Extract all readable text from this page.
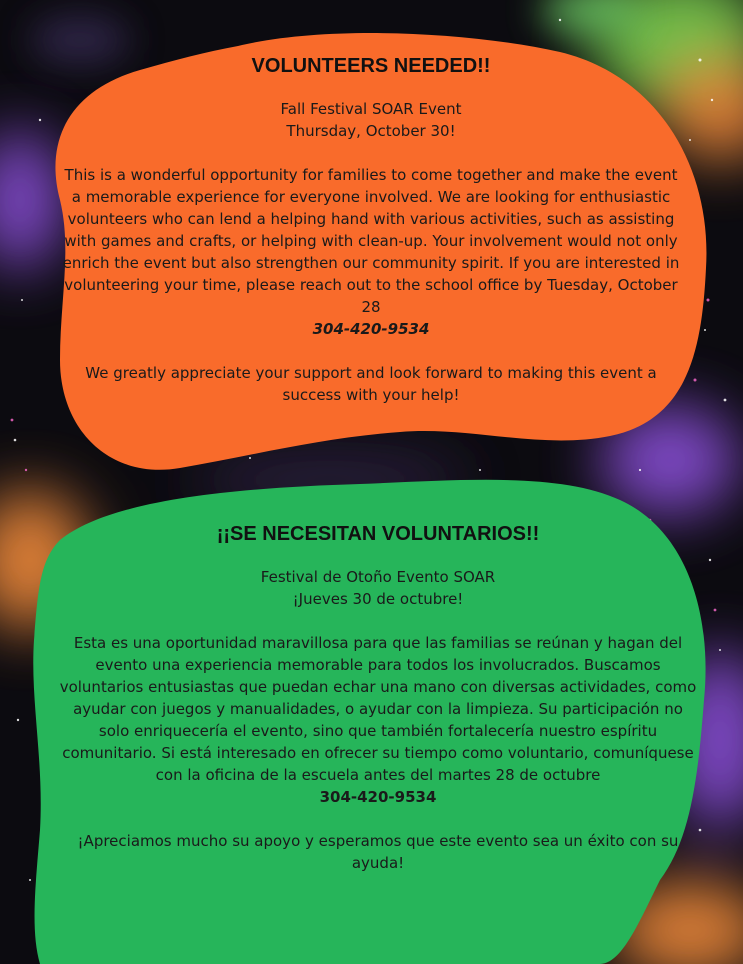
VOLUNTEERS NEEDED!!

Fall Festival SOAR Event

Thursday, October 30!

This is a wonderful opportunity for families to come together and make the event a memorable experience for everyone involved. We are looking for enthusiastic volunteers who can lend a helping hand with various activities, such as assisting with games and crafts, or helping with clean-up. Your involvement would not only enrich the event but also strengthen our community spirit. If you are interested in volunteering your time, please reach out to the school office by Tuesday, October 28

304-420-9534

We greatly appreciate your support and look forward to making this event a success with your help!

¡¡SE NECESITAN VOLUNTARIOS!!

Festival de Otoño Evento SOAR

¡Jueves 30 de octubre!

Esta es una oportunidad maravillosa para que las familias se reúnan y hagan del evento una experiencia memorable para todos los involucrados. Buscamos voluntarios entusiastas que puedan echar una mano con diversas actividades, como ayudar con juegos y manualidades, o ayudar con la limpieza. Su participación no solo enriquecería el evento, sino que también fortalecería nuestro espíritu comunitario. Si está interesado en ofrecer su tiempo como voluntario, comuníquese con la oficina de la escuela antes del martes 28 de octubre

304-420-9534

¡Apreciamos mucho su apoyo y esperamos que este evento sea un éxito con su ayuda!
